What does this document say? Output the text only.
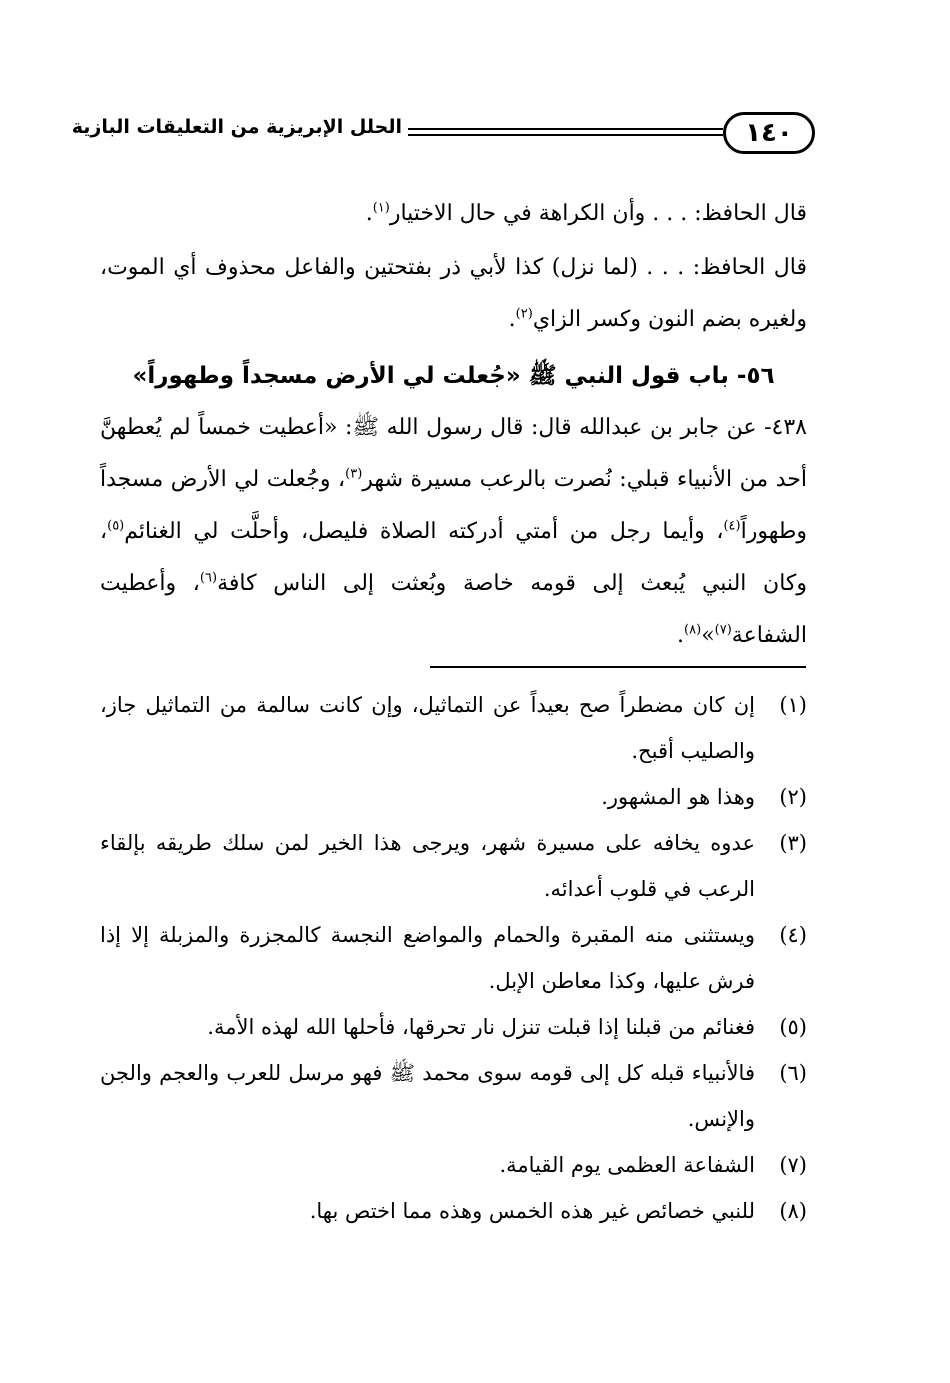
١٤٠
الحلل الإبريزية من التعليقات البازية
قال الحافظ: . . . وأن الكراهة في حال الاختيار$^{(١)}$.
قال الحافظ: . . . (لما نزل) كذا لأبي ذر بفتحتين والفاعل محذوف أي الموت، ولغيره بضم النون وكسر الزاي$^{(٢)}$.
٥٦- باب قول النبي ﷺ «جُعلت لي الأرض مسجداً وطهوراً»
٤٣٨- عن جابر بن عبدالله قال: قال رسول الله ﷺ: «أعطيت خمساً لم يُعطهنَّ أحد من الأنبياء قبلي: نُصرت بالرعب مسيرة شهر$^{(٣)}$، وجُعلت لي الأرض مسجداً وطهوراً$^{(٤)}$، وأيما رجل من أمتي أدركته الصلاة فليصل، وأحلَّت لي الغنائم$^{(٥)}$، وكان النبي يُبعث إلى قومه خاصة وبُعثت إلى الناس كافة$^{(٦)}$، وأعطيت الشفاعة$^{(٧)}$»$^{(٨)}$.
(١)
إن كان مضطراً صح بعيداً عن التماثيل، وإن كانت سالمة من التماثيل جاز، والصليب أقبح.
(٢)
وهذا هو المشهور.
(٣)
عدوه يخافه على مسيرة شهر، ويرجى هذا الخير لمن سلك طريقه بإلقاء الرعب في قلوب أعدائه.
(٤)
ويستثنى منه المقبرة والحمام والمواضع النجسة كالمجزرة والمزبلة إلا إذا فرش عليها، وكذا معاطن الإبل.
(٥)
فغنائم من قبلنا إذا قبلت تنزل نار تحرقها، فأحلها الله لهذه الأمة.
(٦)
فالأنبياء قبله كل إلى قومه سوى محمد ﷺ فهو مرسل للعرب والعجم والجن والإنس.
(٧)
الشفاعة العظمى يوم القيامة.
(٨)
للنبي خصائص غير هذه الخمس وهذه مما اختص بها.
